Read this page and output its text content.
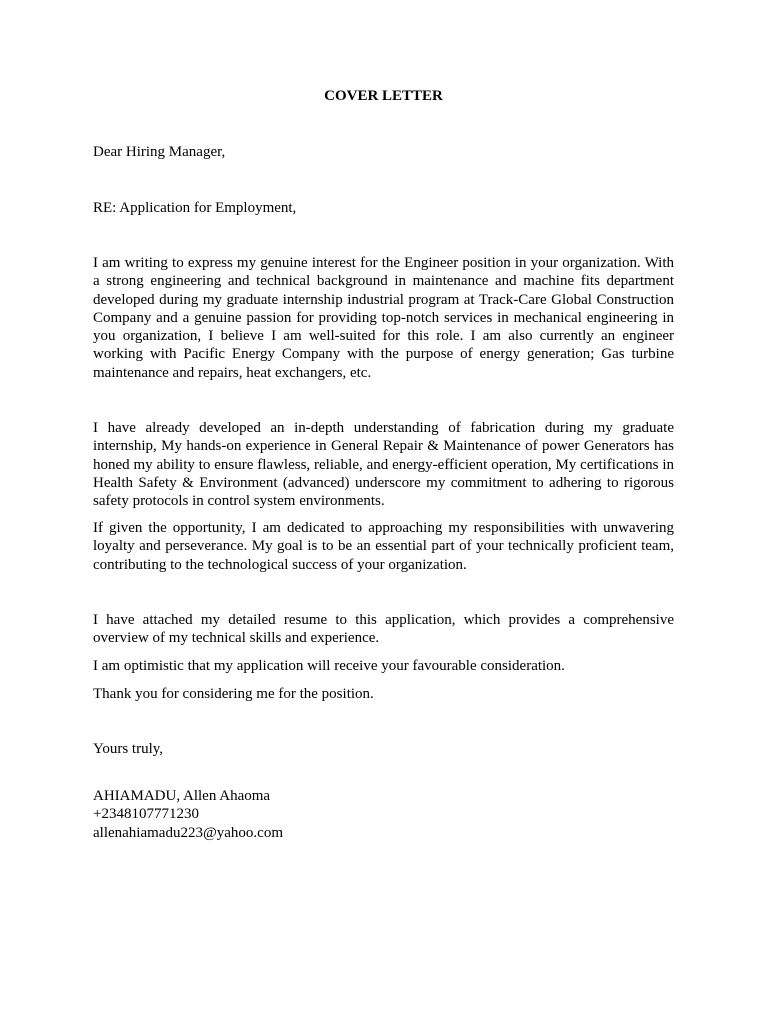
COVER LETTER

Dear Hiring Manager,

RE: Application for Employment,

I am writing to express my genuine interest for the Engineer position in your organization. With a strong engineering and technical background in maintenance and machine fits department developed during my graduate internship industrial program at Track-Care Global Construction Company and a genuine passion for providing top-notch services in mechanical engineering in you organization, I believe I am well-suited for this role. I am also currently an engineer working with Pacific Energy Company with the purpose of energy generation; Gas turbine maintenance and repairs, heat exchangers, etc.

I have already developed an in-depth understanding of fabrication during my graduate internship, My hands-on experience in General Repair & Maintenance of power Generators has honed my ability to ensure flawless, reliable, and energy-efficient operation, My certifications in Health Safety & Environment (advanced) underscore my commitment to adhering to rigorous safety protocols in control system environments.

If given the opportunity, I am dedicated to approaching my responsibilities with unwavering loyalty and perseverance. My goal is to be an essential part of your technically proficient team, contributing to the technological success of your organization.

I have attached my detailed resume to this application, which provides a comprehensive overview of my technical skills and experience.

I am optimistic that my application will receive your favourable consideration.

Thank you for considering me for the position.

Yours truly,

AHIAMADU, Allen Ahaoma
+2348107771230
allenahiamadu223@yahoo.com
